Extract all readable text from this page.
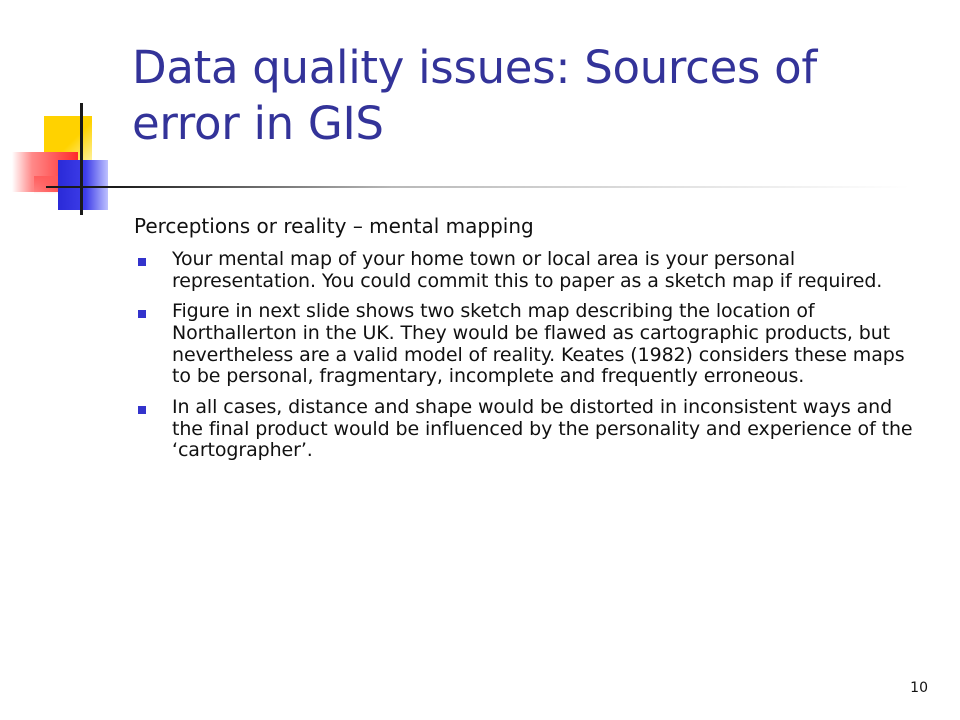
Data quality issues: Sources of error in GIS

Perceptions or reality – mental mapping

Your mental map of your home town or local area is your personal representation. You could commit this to paper as a sketch map if required.
Figure in next slide shows two sketch map describing the location of Northallerton in the UK. They would be flawed as cartographic products, but nevertheless are a valid model of reality. Keates (1982) considers these maps to be personal, fragmentary, incomplete and frequently erroneous.
In all cases, distance and shape would be distorted in inconsistent ways and the final product would be influenced by the personality and experience of the ‘cartographer’.
10
